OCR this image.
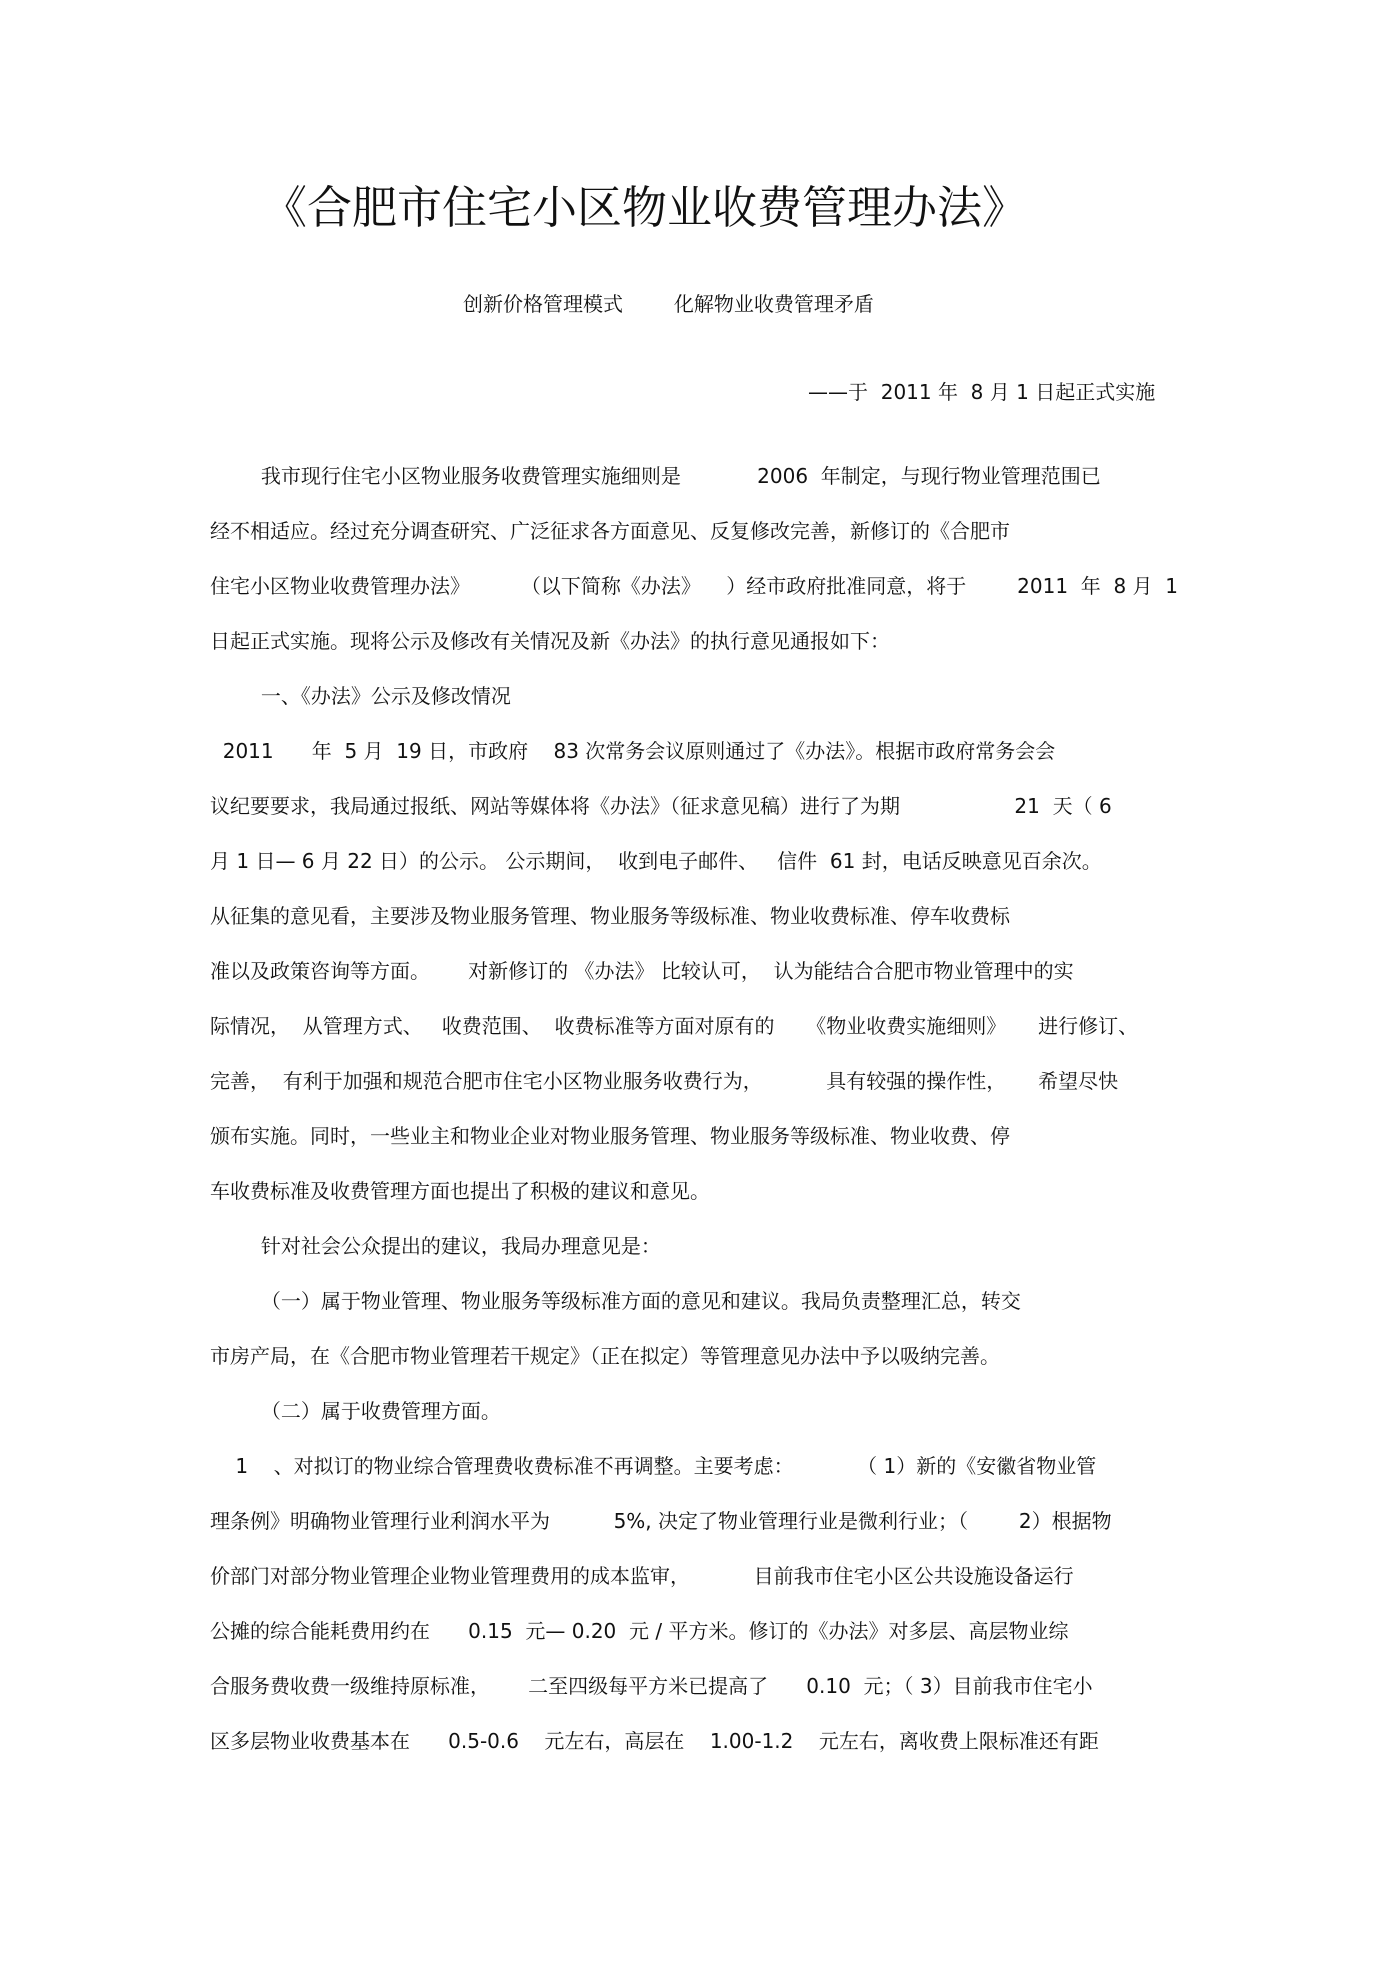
《合肥市住宅小区物业收费管理办法》
创新价格管理模式        化解物业收费管理矛盾
——于  2011 年  8 月 1 日起正式实施
我市现行住宅小区物业服务收费管理实施细则是            2006  年制定，与现行物业管理范围已
经不相适应。经过充分调查研究、广泛征求各方面意见、反复修改完善，新修订的《合肥市
住宅小区物业收费管理办法》        （以下简称《办法》    ）经市政府批准同意，将于        2011  年  8 月  1
日起正式实施。现将公示及修改有关情况及新《办法》的执行意见通报如下：
一、《办法》公示及修改情况
2011      年  5 月  19 日，市政府    83 次常务会议原则通过了《办法》。根据市政府常务会会
议纪要要求，我局通过报纸、网站等媒体将《办法》（征求意见稿）进行了为期                  21  天（ 6
月 1 日— 6 月 22 日）的公示。 公示期间，  收到电子邮件、   信件  61 封，电话反映意见百余次。
从征集的意见看，主要涉及物业服务管理、物业服务等级标准、物业收费标准、停车收费标
准以及政策咨询等方面。      对新修订的 《办法》 比较认可，  认为能结合合肥市物业管理中的实
际情况，  从管理方式、   收费范围、  收费标准等方面对原有的     《物业收费实施细则》     进行修订、
完善，  有利于加强和规范合肥市住宅小区物业服务收费行为，          具有较强的操作性，     希望尽快
颁布实施。同时，一些业主和物业企业对物业服务管理、物业服务等级标准、物业收费、停
车收费标准及收费管理方面也提出了积极的建议和意见。
针对社会公众提出的建议，我局办理意见是：
（一）属于物业管理、物业服务等级标准方面的意见和建议。我局负责整理汇总，转交
市房产局，在《合肥市物业管理若干规定》（正在拟定）等管理意见办法中予以吸纳完善。
（二）属于收费管理方面。
1    、对拟订的物业综合管理费收费标准不再调整。主要考虑：          （ 1）新的《安徽省物业管
理条例》明确物业管理行业利润水平为          5%, 决定了物业管理行业是微利行业；（        2）根据物
价部门对部分物业管理企业物业管理费用的成本监审，          目前我市住宅小区公共设施设备运行
公摊的综合能耗费用约在      0.15  元— 0.20  元 / 平方米。修订的《办法》对多层、高层物业综
合服务费收费一级维持原标准，      二至四级每平方米已提高了      0.10  元；（ 3）目前我市住宅小
区多层物业收费基本在      0.5-0.6    元左右，高层在    1.00-1.2    元左右，离收费上限标准还有距
